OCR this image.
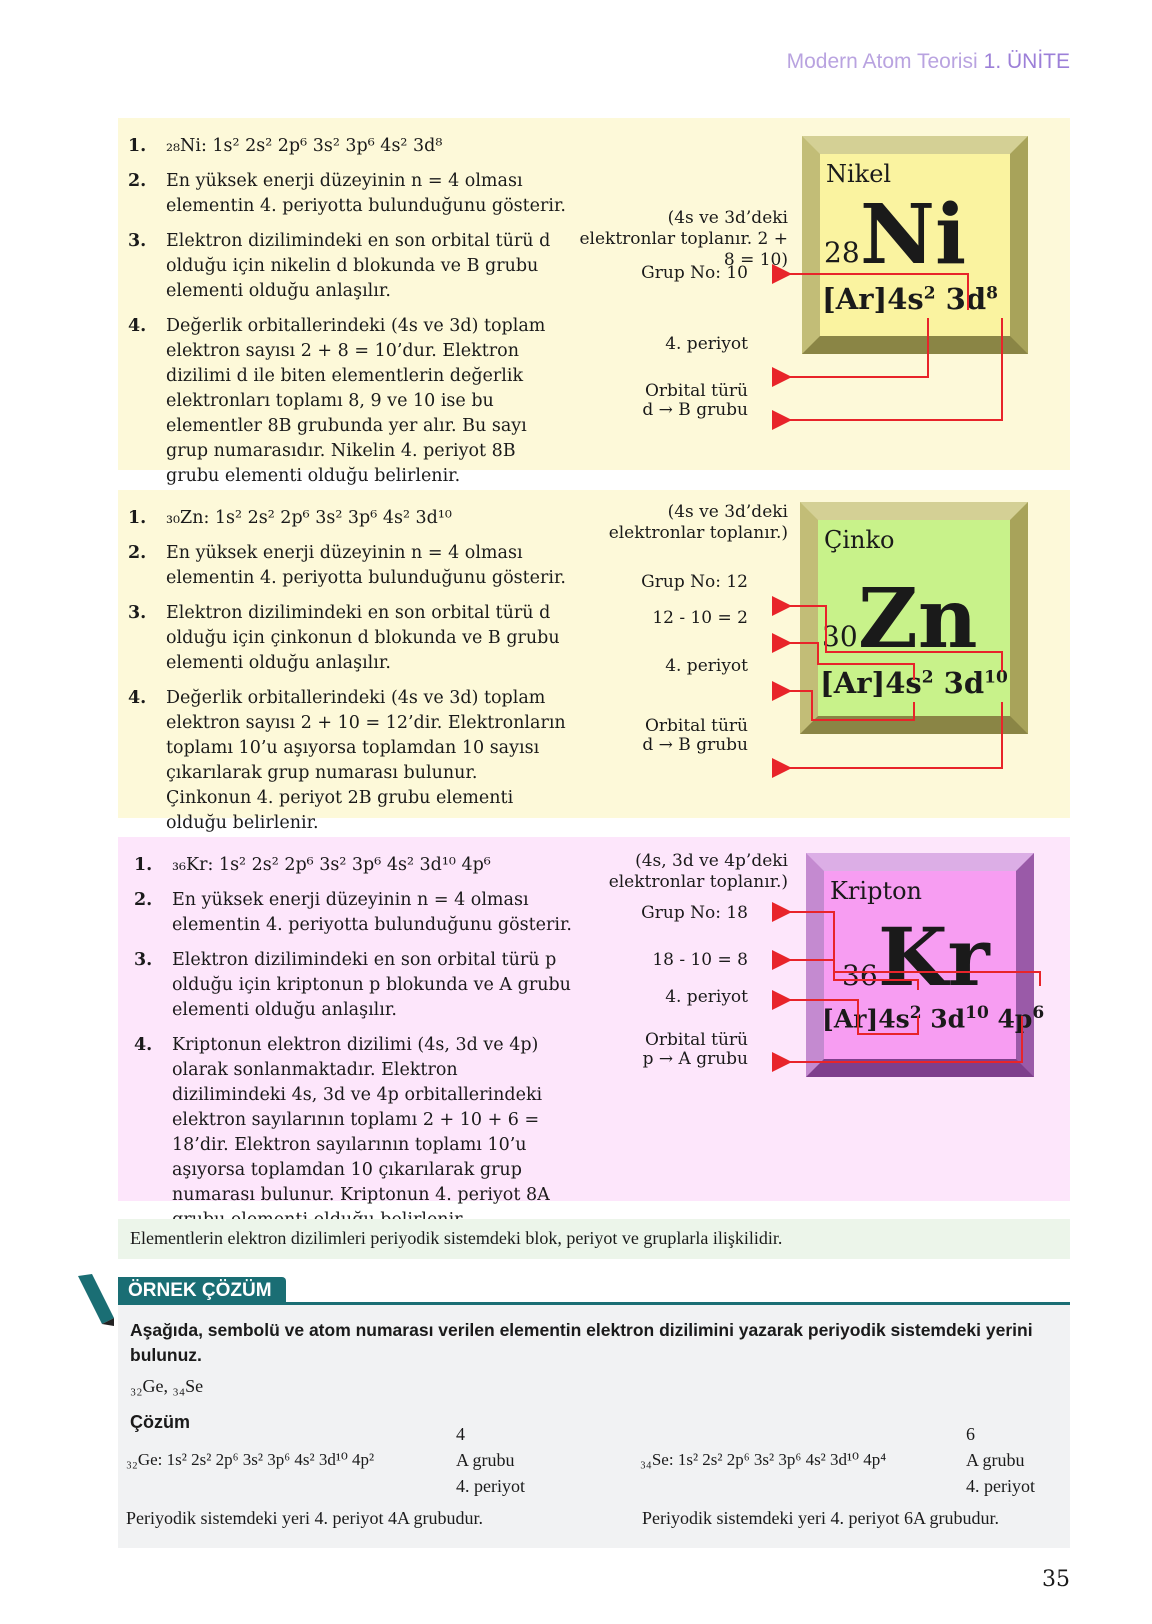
Modern Atom Teorisi 1. ÜNİTE
1.	₂₈Ni: 1s² 2s² 2p⁶ 3s² 3p⁶ 4s² 3d⁸
2.	En yüksek enerji düzeyinin n = 4 olması elementin 4. periyotta bulunduğunu gösterir.
3.	Elektron dizilimindeki en son orbital türü d olduğu için nikelin d blokunda ve B grubu elementi olduğu anlaşılır.
4.	Değerlik orbitallerindeki (4s ve 3d) toplam elektron sayısı 2 + 8 = 10’dur. Elektron dizilimi d ile biten elementlerin değerlik elektronları toplamı 8, 9 ve 10 ise bu elementler 8B grubunda yer alır. Bu sayı grup numarasıdır. Nikelin 4. periyot 8B grubu elementi olduğu belirlenir.
(4s ve 3d’deki elektronlar toplanır. 2 + 8 = 10)
Grup No: 10
4. periyot
Orbital türü
d → B grubu
Nikel
28 Ni
$[Ar]4s^2$ $3d^8$
1.	₃₀Zn: 1s² 2s² 2p⁶ 3s² 3p⁶ 4s² 3d¹⁰
2.	En yüksek enerji düzeyinin n = 4 olması elementin 4. periyotta bulunduğunu gösterir.
3.	Elektron dizilimindeki en son orbital türü d olduğu için çinkonun d blokunda ve B grubu elementi olduğu anlaşılır.
4.	Değerlik orbitallerindeki (4s ve 3d) toplam elektron sayısı 2 + 10 = 12’dir. Elektronların toplamı 10’u aşıyorsa toplamdan 10 sayısı çıkarılarak grup numarası bulunur. Çinkonun 4. periyot 2B grubu elementi olduğu belirlenir.
(4s ve 3d’deki elektronlar toplanır.)
Grup No: 12
12 - 10 = 2
4. periyot
Orbital türü
d → B grubu
Çinko
30 Zn
$[Ar]4s^2$ $3d^{10}$
1.	₃₆Kr: 1s² 2s² 2p⁶ 3s² 3p⁶ 4s² 3d¹⁰ 4p⁶
2.	En yüksek enerji düzeyinin n = 4 olması elementin 4. periyotta bulunduğunu gösterir.
3.	Elektron dizilimindeki en son orbital türü p olduğu için kriptonun p blokunda ve A grubu elementi olduğu anlaşılır.
4.	Kriptonun elektron dizilimi (4s, 3d ve 4p) olarak sonlanmaktadır. Elektron dizilimindeki 4s, 3d ve 4p orbitallerindeki elektron sayılarının toplamı 2 + 10 + 6 = 18’dir. Elektron sayılarının toplamı 10’u aşıyorsa toplamdan 10 çıkarılarak grup numarası bulunur. Kriptonun 4. periyot 8A
(4s, 3d ve 4p’deki elektronlar toplanır.)
Grup No: 18
18 - 10 = 8
4. periyot
Orbital türü
p → A grubu
Kripton
36 Kr
$[Ar]4s^2$ $3d^{10}$ $4p^6$
Elementlerin elektron dizilimleri periyodik sistemdeki blok, periyot ve gruplarla ilişkilidir.
ÖRNEK ÇÖZÜM
Aşağıda, sembolü ve atom numarası verilen elementin elektron dizilimini yazarak periyodik sistemdeki yerini bulunuz.
₃₂Ge, ₃₄Se
Çözüm
₃₂Ge: 1s² 2s² 2p⁶ 3s² 3p⁶ 4s² 3d¹⁰ 4p²
4
A grubu
4. periyot
Periyodik sistemdeki yeri 4. periyot 4A grubudur.
₃₄Se: 1s² 2s² 2p⁶ 3s² 3p⁶ 4s² 3d¹⁰ 4p⁴
6
A grubu
4. periyot
Periyodik sistemdeki yeri 4. periyot 6A grubudur.
35
